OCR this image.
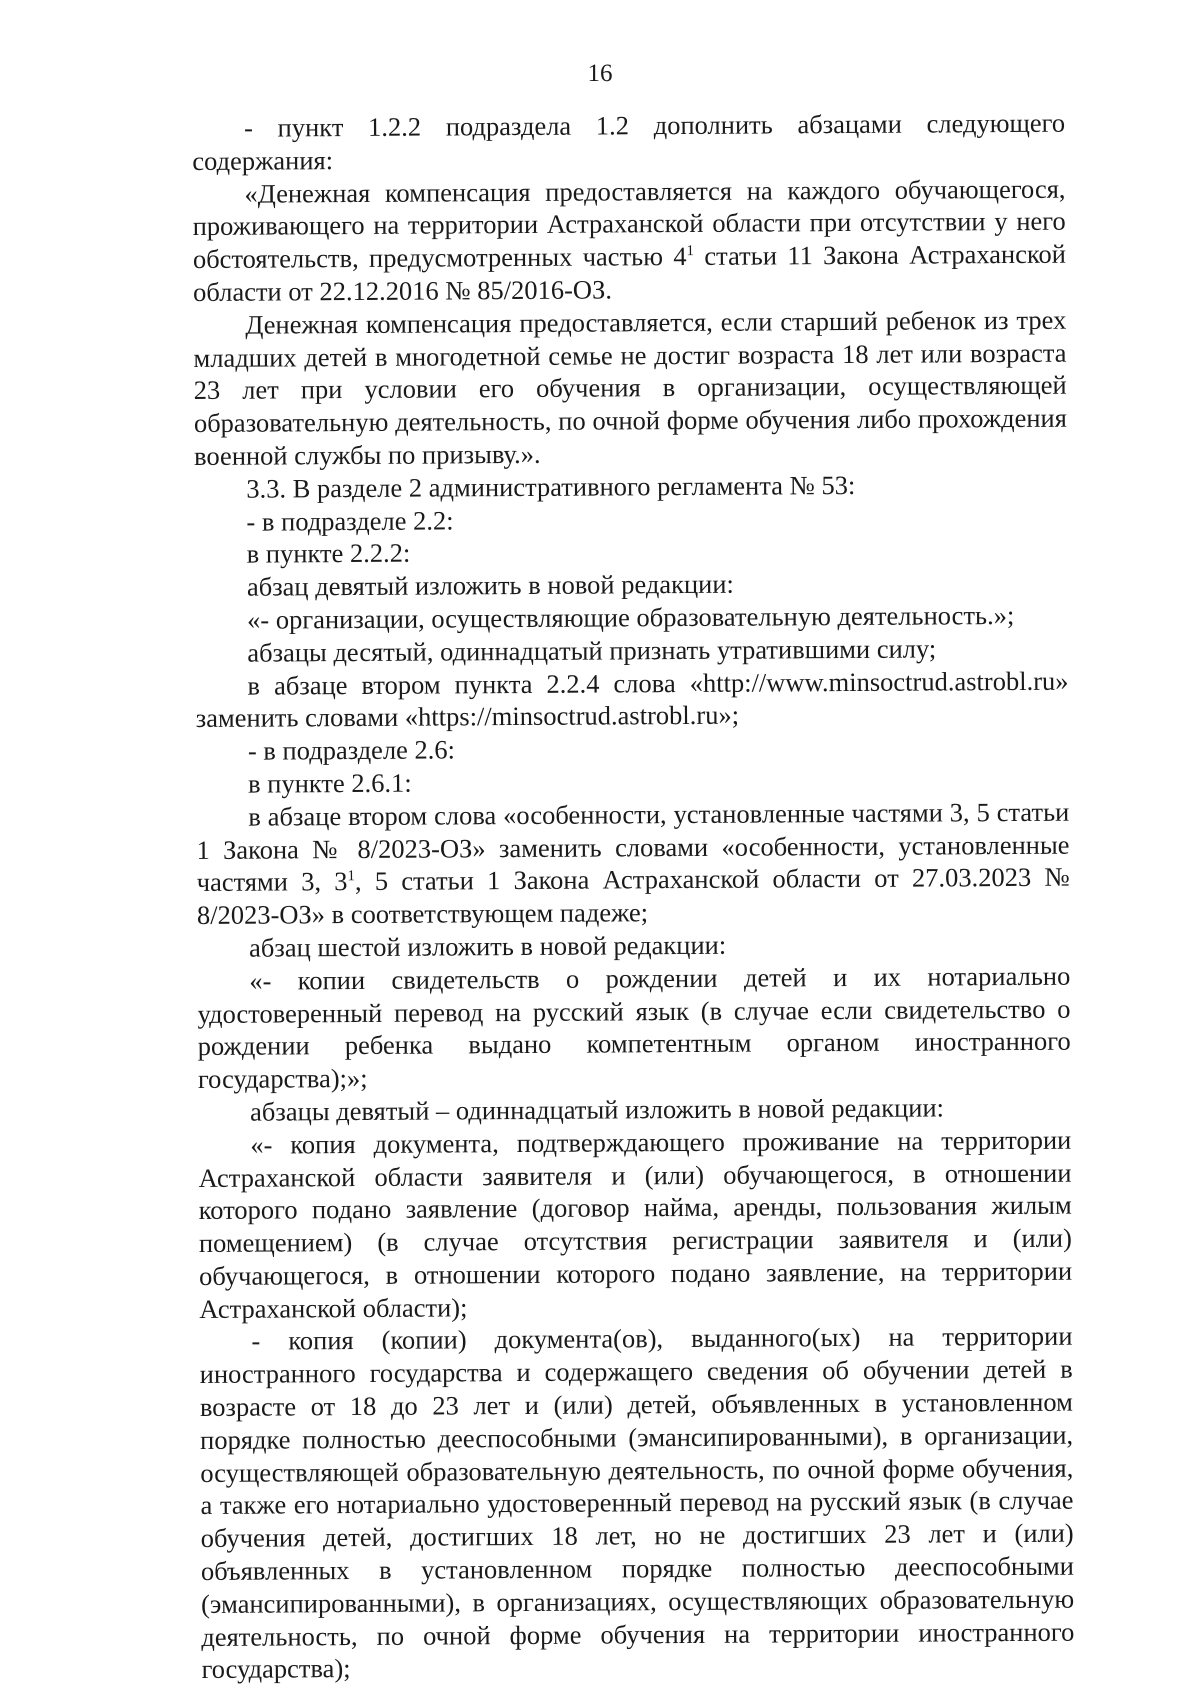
16

- пункт 1.2.2 подраздела 1.2 дополнить абзацами следующего содержания:

«Денежная компенсация предоставляется на каждого обучающегося, проживающего на территории Астраханской области при отсутствии у него обстоятельств, предусмотренных частью $4^1$ статьи 11 Закона Астраханской области от 22.12.2016 № 85/2016-ОЗ.

Денежная компенсация предоставляется, если старший ребенок из трех младших детей в многодетной семье не достиг возраста 18 лет или возраста 23 лет при условии его обучения в организации, осуществляющей образовательную деятельность, по очной форме обучения либо прохождения военной службы по призыву.».

3.3. В разделе 2 административного регламента № 53:

- в подразделе 2.2:

в пункте 2.2.2:

абзац девятый изложить в новой редакции:

«- организации, осуществляющие образовательную деятельность.»;

абзацы десятый, одиннадцатый признать утратившими силу;

в абзаце втором пункта 2.2.4 слова «http://www.minsoctrud.astrobl.ru» заменить словами «https://minsoctrud.astrobl.ru»;

- в подразделе 2.6:

в пункте 2.6.1:

в абзаце втором слова «особенности, установленные частями 3, 5 статьи 1 Закона № 8/2023-ОЗ» заменить словами «особенности, установленные частями 3, $3^1$, 5 статьи 1 Закона Астраханской области от 27.03.2023 № 8/2023-ОЗ» в соответствующем падеже;

абзац шестой изложить в новой редакции:

«- копии свидетельств о рождении детей и их нотариально удостоверенный перевод на русский язык (в случае если свидетельство о рождении ребенка выдано компетентным органом иностранного государства);»;

абзацы девятый – одиннадцатый изложить в новой редакции:

«- копия документа, подтверждающего проживание на территории Астраханской области заявителя и (или) обучающегося, в отношении которого подано заявление (договор найма, аренды, пользования жилым помещением) (в случае отсутствия регистрации заявителя и (или) обучающегося, в отношении которого подано заявление, на территории Астраханской области);

- копия (копии) документа(ов), выданного(ых) на территории иностранного государства и содержащего сведения об обучении детей в возрасте от 18 до 23 лет и (или) детей, объявленных в установленном порядке полностью дееспособными (эмансипированными), в организации, осуществляющей образовательную деятельность, по очной форме обучения, а также его нотариально удостоверенный перевод на русский язык (в случае обучения детей, достигших 18 лет, но не достигших 23 лет и (или) объявленных в установленном порядке полностью дееспособными (эмансипированными), в организациях, осуществляющих образовательную деятельность, по очной форме обучения на территории иностранного государства);
